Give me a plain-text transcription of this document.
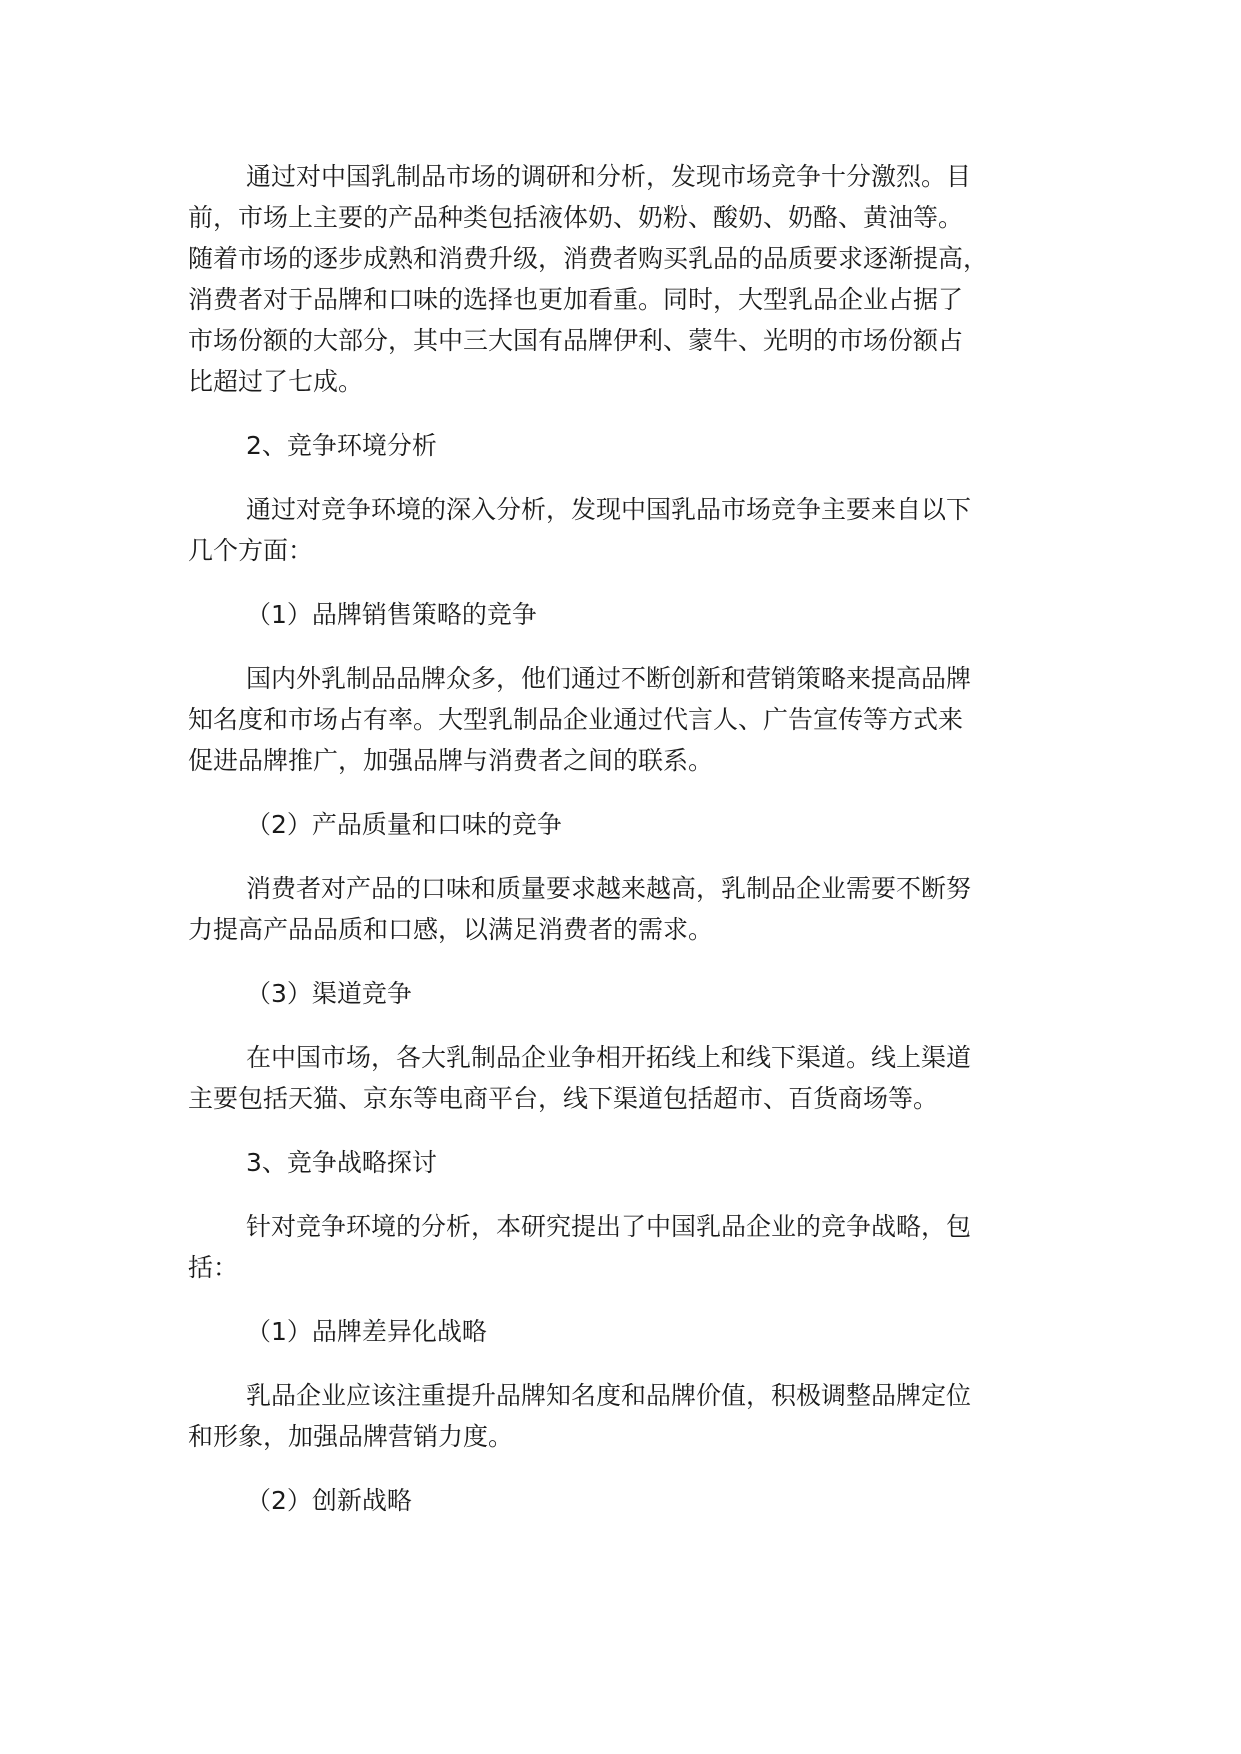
通过对中国乳制品市场的调研和分析，发现市场竞争十分激烈。目
前，市场上主要的产品种类包括液体奶、奶粉、酸奶、奶酪、黄油等。
随着市场的逐步成熟和消费升级，消费者购买乳品的品质要求逐渐提高，
消费者对于品牌和口味的选择也更加看重。同时，大型乳品企业占据了
市场份额的大部分，其中三大国有品牌伊利、蒙牛、光明的市场份额占
比超过了七成。
2、竞争环境分析
通过对竞争环境的深入分析，发现中国乳品市场竞争主要来自以下
几个方面：
（1）品牌销售策略的竞争
国内外乳制品品牌众多，他们通过不断创新和营销策略来提高品牌
知名度和市场占有率。大型乳制品企业通过代言人、广告宣传等方式来
促进品牌推广，加强品牌与消费者之间的联系。
（2）产品质量和口味的竞争
消费者对产品的口味和质量要求越来越高，乳制品企业需要不断努
力提高产品品质和口感，以满足消费者的需求。
（3）渠道竞争
在中国市场，各大乳制品企业争相开拓线上和线下渠道。线上渠道
主要包括天猫、京东等电商平台，线下渠道包括超市、百货商场等。
3、竞争战略探讨
针对竞争环境的分析，本研究提出了中国乳品企业的竞争战略，包
括：
（1）品牌差异化战略
乳品企业应该注重提升品牌知名度和品牌价值，积极调整品牌定位
和形象，加强品牌营销力度。
（2）创新战略
